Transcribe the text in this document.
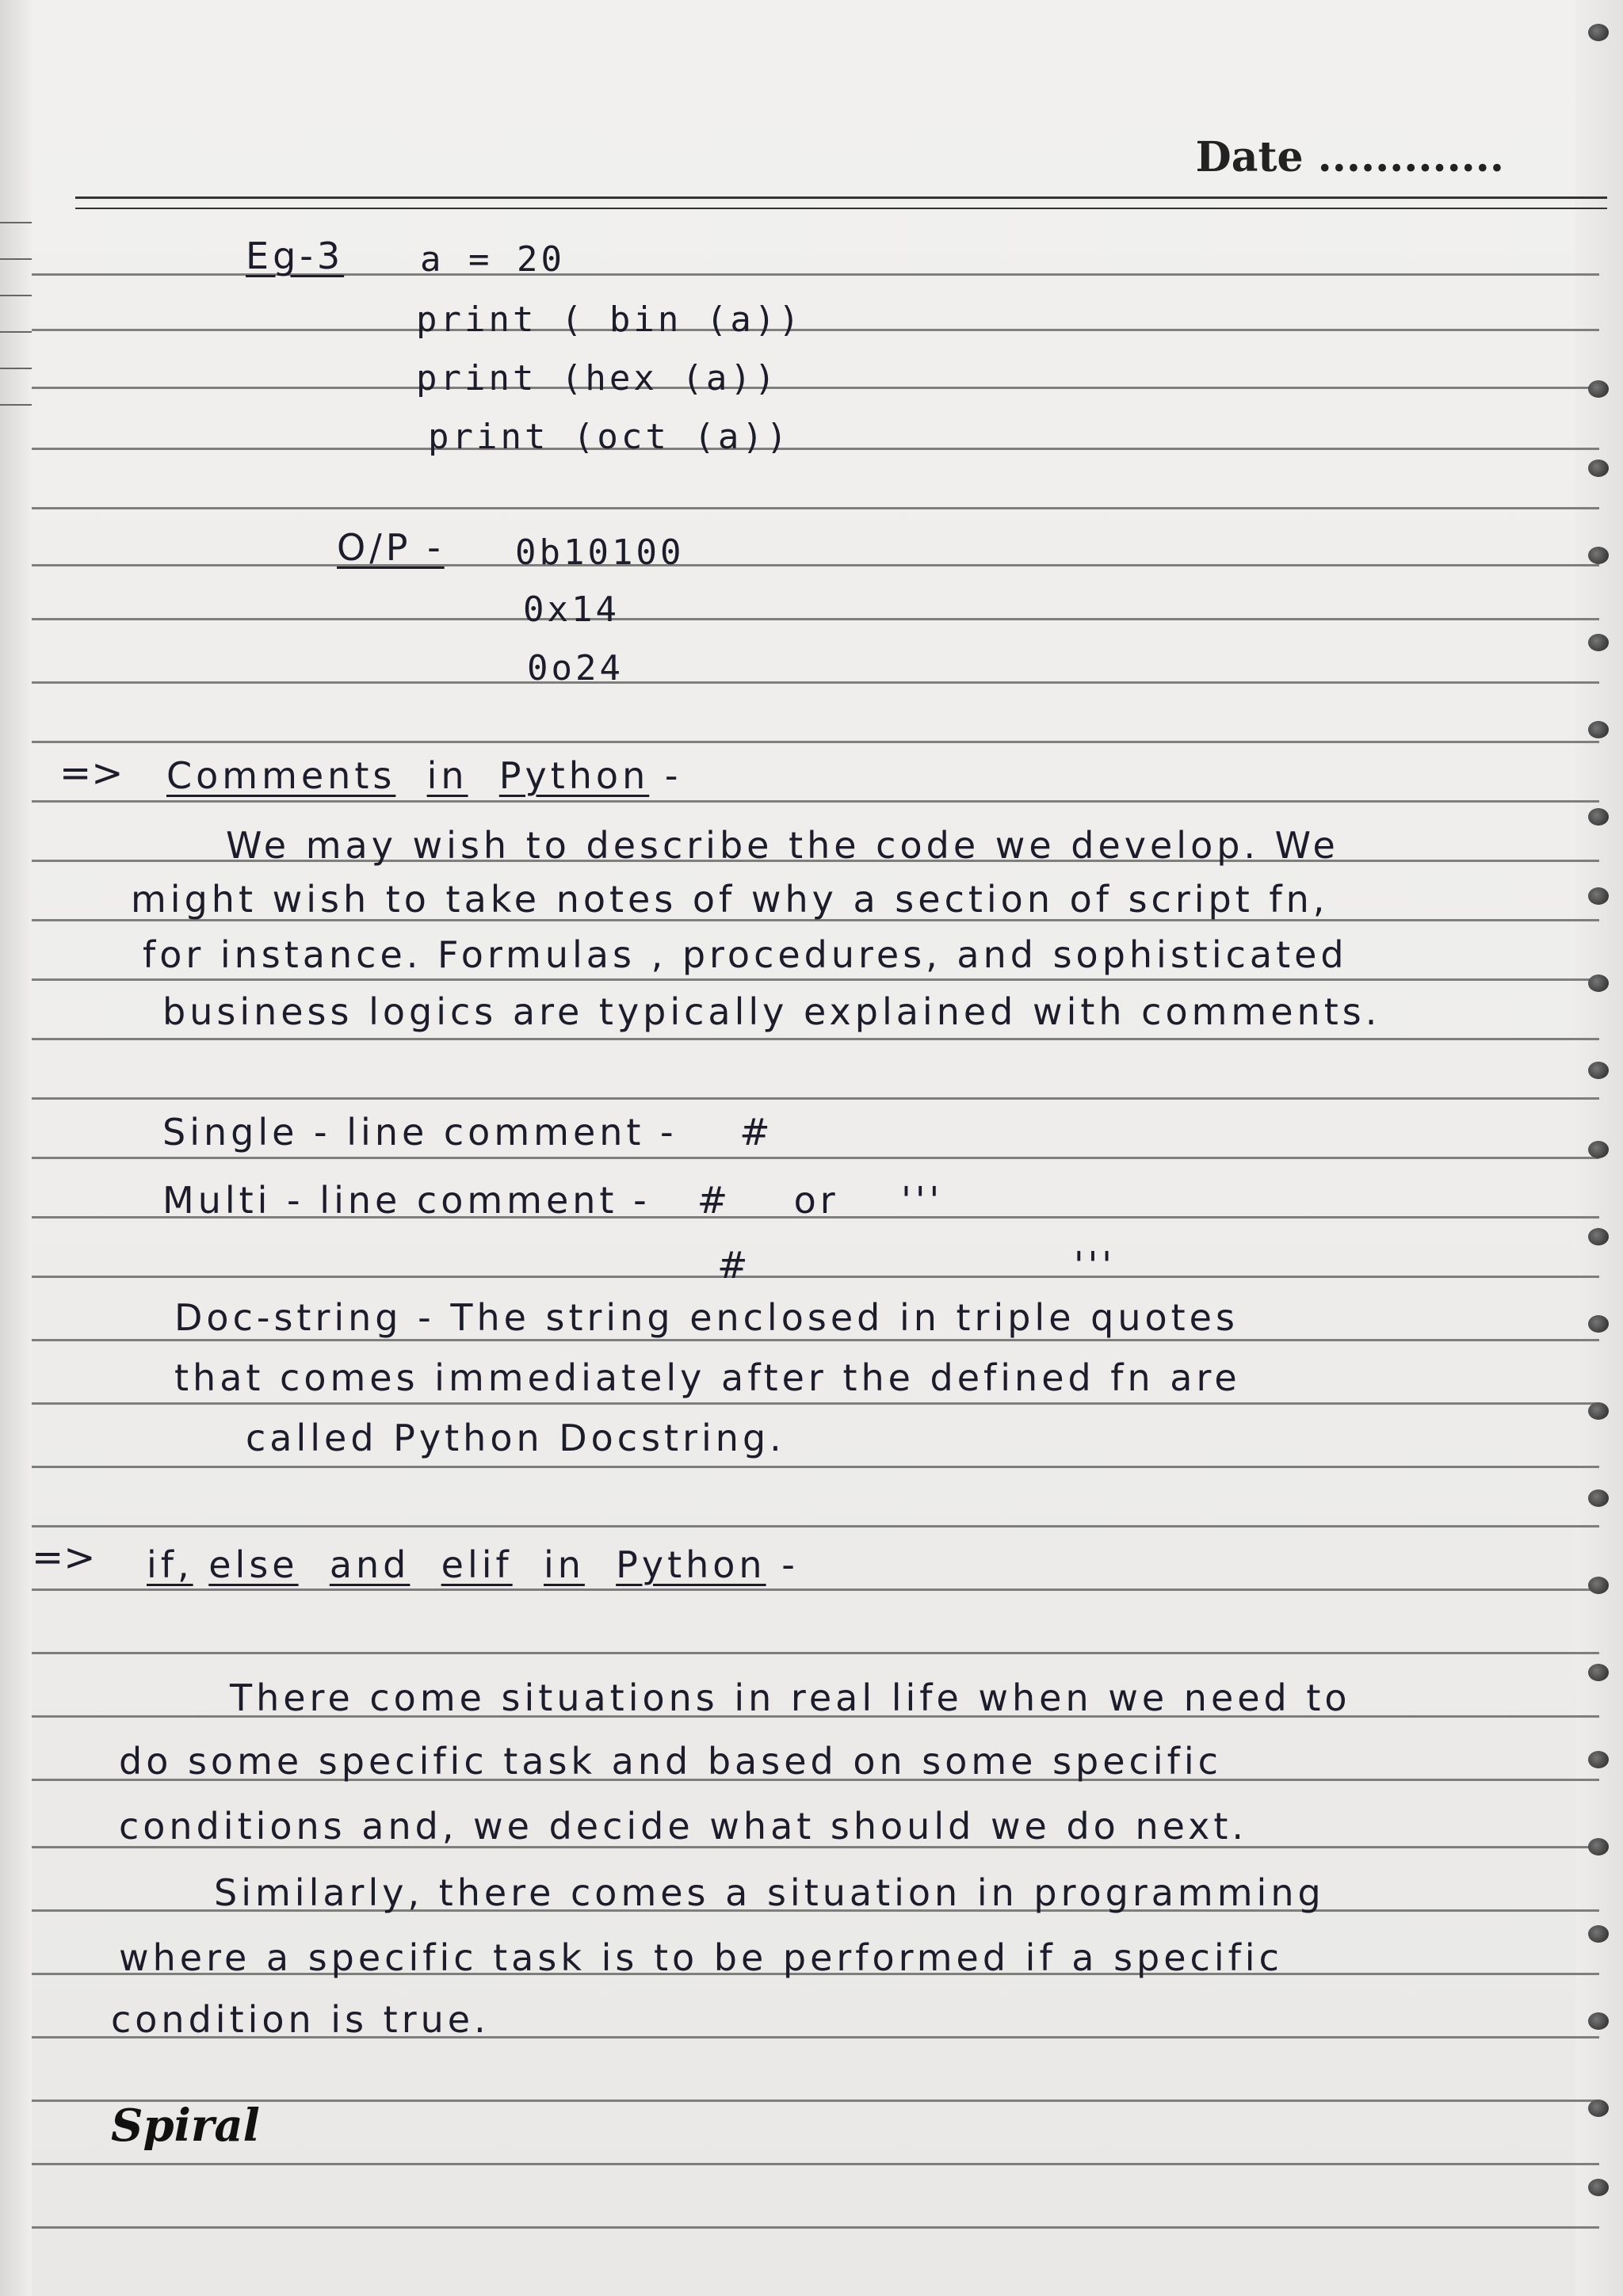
Date .............
Eg-3 a = 20
print ( bin (a))
print (hex (a))
print (oct (a))
O/P - 0b10100
0x14
0o24
=> Comments in Python -
We may wish to describe the code we develop. We
might wish to take notes of why a section of script fn,
for instance. Formulas , procedures, and sophisticated
business logics are typically explained with comments.
Single - line comment - #
Multi - line comment - # or '''
#	'''
Doc-string - The string enclosed in triple quotes
that comes immediately after the defined fn are
called Python Docstring.
=> if, else and elif in Python -
There come situations in real life when we need to
do some specific task and based on some specific
conditions and, we decide what should we do next.
Similarly, there comes a situation in programming
where a specific task is to be performed if a specific
condition is true.
Spiral
